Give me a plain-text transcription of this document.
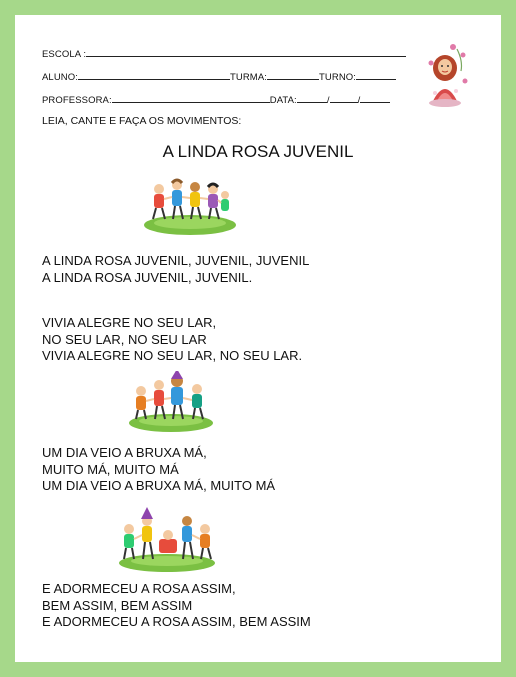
ESCOLA :
ALUNO:	TURMA:	TURNO:
PROFESSORA:	DATA:	/	/
LEIA, CANTE E FAÇA OS MOVIMENTOS:
A LINDA ROSA JUVENIL
A LINDA ROSA JUVENIL, JUVENIL, JUVENIL
A LINDA ROSA JUVENIL, JUVENIL.
VIVIA ALEGRE NO SEU LAR,
NO SEU LAR, NO SEU LAR
VIVIA ALEGRE NO SEU LAR, NO SEU LAR.
UM DIA VEIO A BRUXA MÁ,
MUITO MÁ, MUITO MÁ
UM DIA VEIO A BRUXA MÁ, MUITO MÁ
E ADORMECEU A ROSA ASSIM,
BEM ASSIM, BEM ASSIM
E ADORMECEU A ROSA ASSIM, BEM ASSIM
